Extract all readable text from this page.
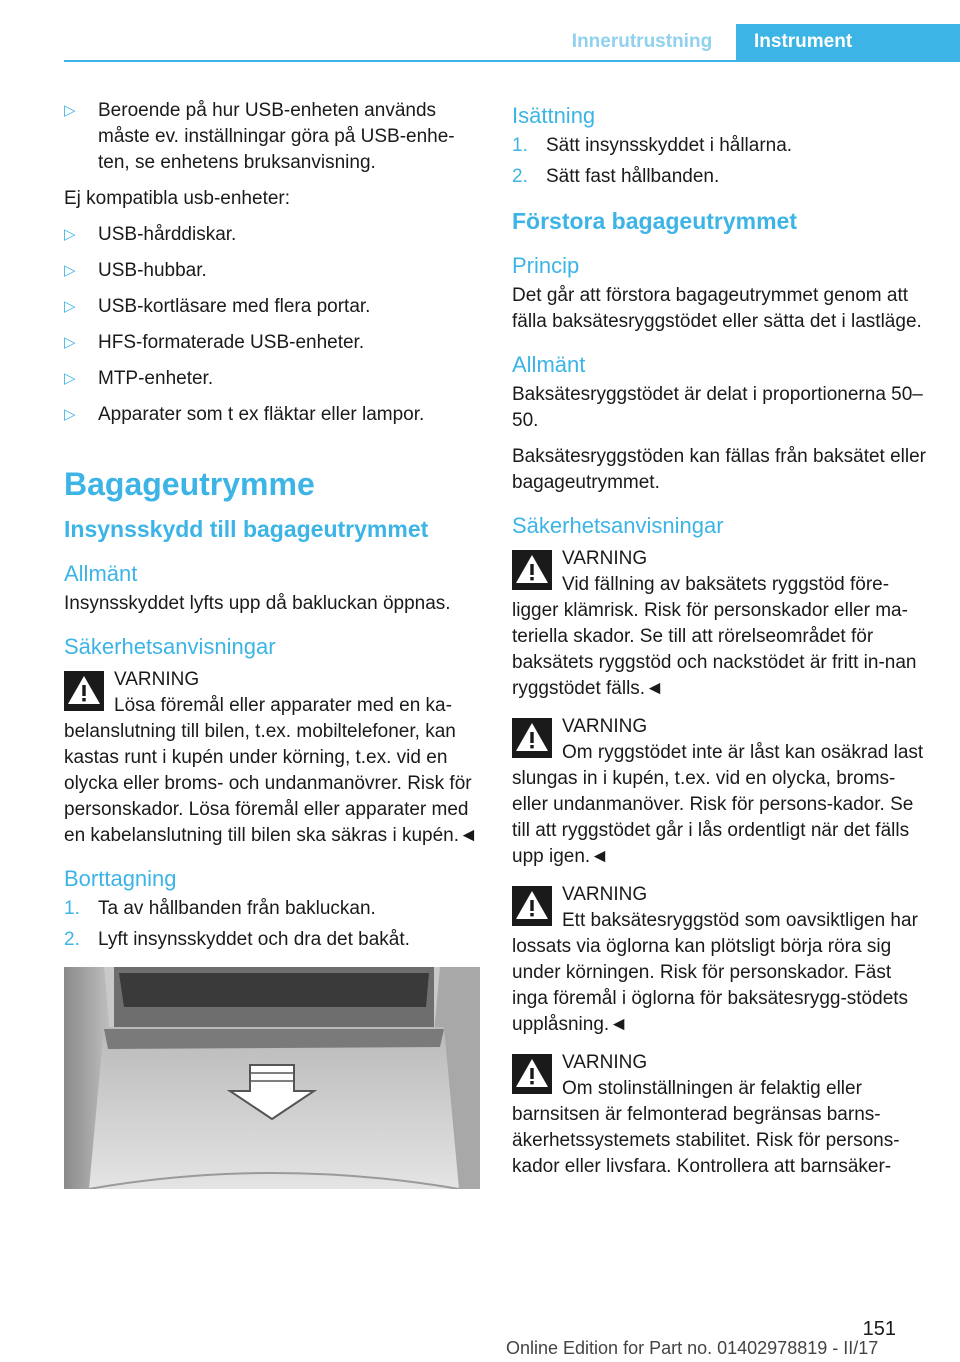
Innerutrustning	Instrument
▷ Beroende på hur USB-enheten används måste ev. inställningar göra på USB-enhe-ten, se enhetens bruksanvisning.

Ej kompatibla usb-enheter:

▷ USB-hårddiskar.
▷ USB-hubbar.
▷ USB-kortläsare med flera portar.
▷ HFS-formaterade USB-enheter.
▷ MTP-enheter.
▷ Apparater som t ex fläktar eller lampor.
Bagageutrymme
Insynsskydd till bagageutrymmet
Allmänt

Insynsskyddet lyfts upp då bakluckan öppnas.

Säkerhetsanvisningar
VARNING
Lösa föremål eller apparater med en ka-belanslutning till bilen, t.ex. mobiltelefoner, kan kastas runt i kupén under körning, t.ex. vid en olycka eller broms- och undanmanövrer. Risk för personskador. Lösa föremål eller apparater med en kabelanslutning till bilen ska säkras i kupén.◄
Borttagning
1. Ta av hållbanden från bakluckan.
2. Lyft insynsskyddet och dra det bakåt.
Isättning
1. Sätt insynsskyddet i hållarna.
2. Sätt fast hållbanden.
Förstora bagageutrymmet
Princip

Det går att förstora bagageutrymmet genom att fälla baksätesryggstödet eller sätta det i lastläge.

Allmänt

Baksätesryggstödet är delat i proportionerna 50–50.

Baksätesryggstöden kan fällas från baksätet eller bagageutrymmet.

Säkerhetsanvisningar
VARNING
Vid fällning av baksätets ryggstöd före-ligger klämrisk. Risk för personskador eller ma-teriella skador. Se till att rörelseområdet för baksätets ryggstöd och nackstödet är fritt in-nan ryggstödet fälls.◄
VARNING
Om ryggstödet inte är låst kan osäkrad last slungas in i kupén, t.ex. vid en olycka, broms- eller undanmanöver. Risk för persons-kador. Se till att ryggstödet går i lås ordentligt när det fälls upp igen.◄
VARNING
Ett baksätesryggstöd som oavsiktligen har lossats via öglorna kan plötsligt börja röra sig under körningen. Risk för personskador. Fäst inga föremål i öglorna för baksätesrygg-stödets upplåsning.◄
VARNING
Om stolinställningen är felaktig eller barnsitsen är felmonterad begränsas barns-äkerhetssystemets stabilitet. Risk för persons-kador eller livsfara. Kontrollera att barnsäker-
151
Online Edition for Part no. 01402978819 - II/17
